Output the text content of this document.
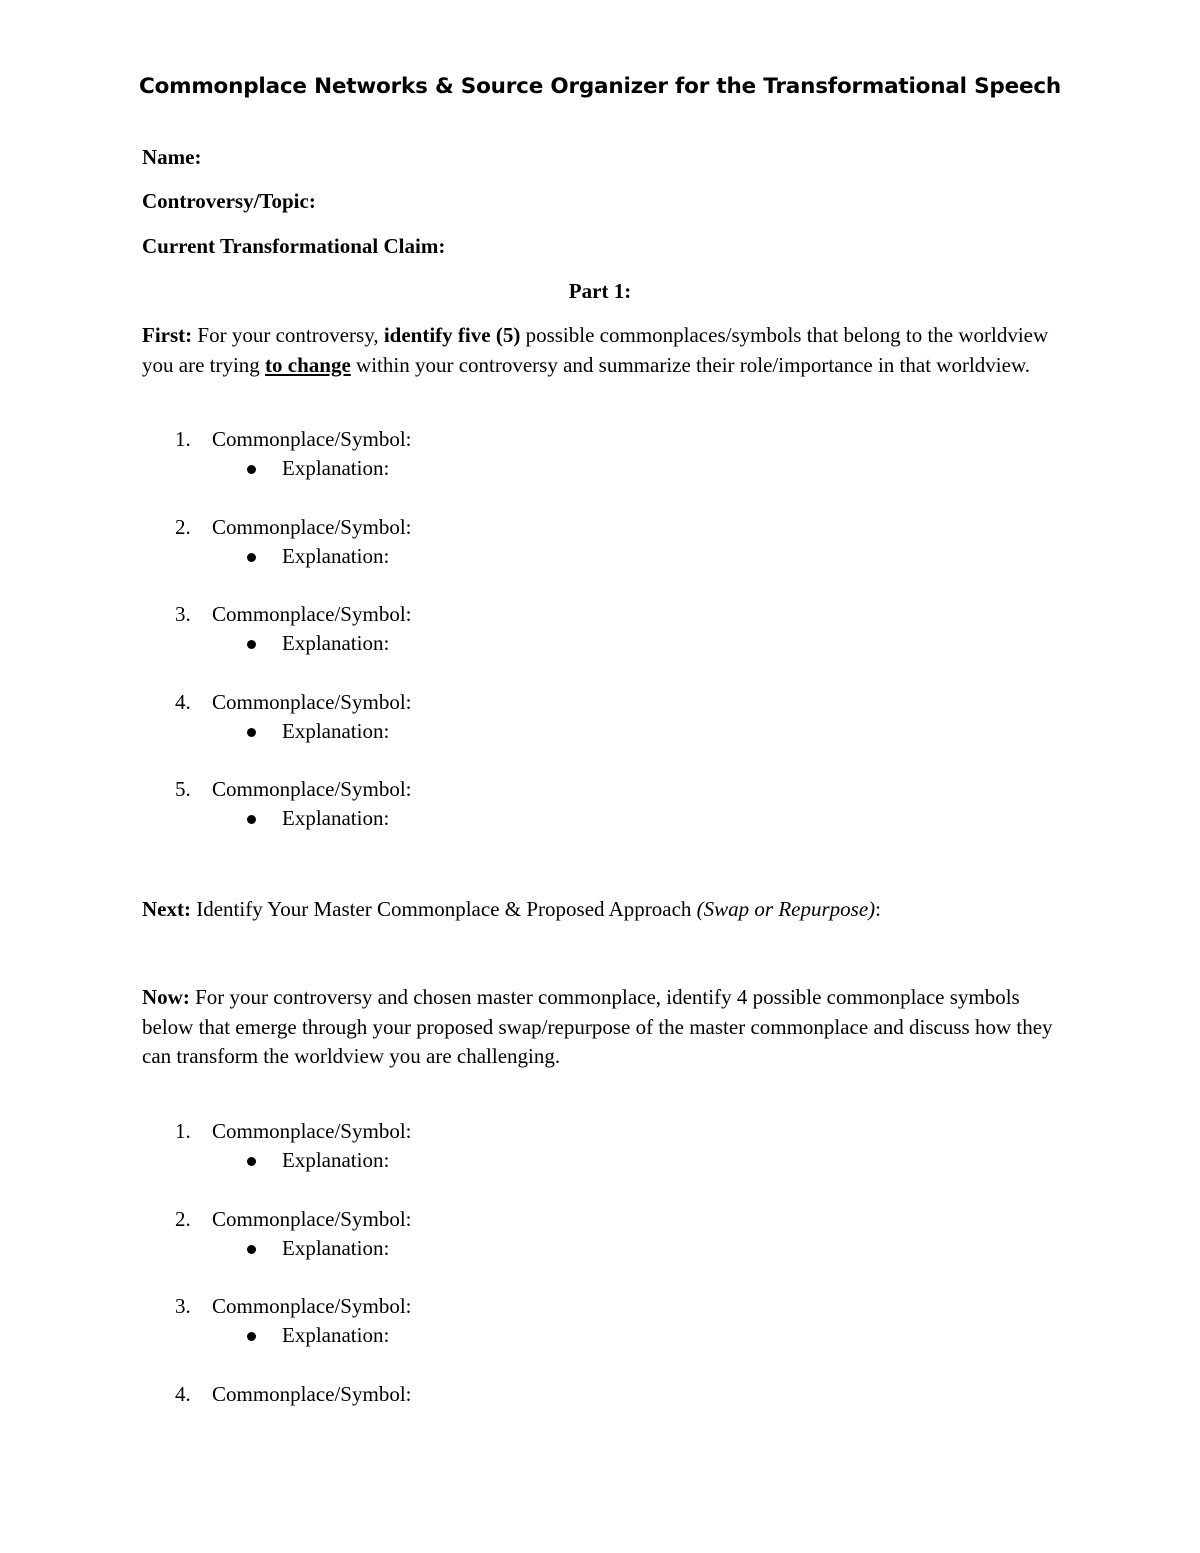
Commonplace Networks & Source Organizer for the Transformational Speech

Name:

Controversy/Topic:

Current Transformational Claim:

Part 1:

First: For your controversy, identify five (5) possible commonplaces/symbols that belong to the worldview you are trying to change within your controversy and summarize their role/importance in that worldview.

1. Commonplace/Symbol:
Explanation:
2. Commonplace/Symbol:
Explanation:
3. Commonplace/Symbol:
Explanation:
4. Commonplace/Symbol:
Explanation:
5. Commonplace/Symbol:
Explanation:

Next: Identify Your Master Commonplace & Proposed Approach (Swap or Repurpose):

Now: For your controversy and chosen master commonplace, identify 4 possible commonplace symbols below that emerge through your proposed swap/repurpose of the master commonplace and discuss how they can transform the worldview you are challenging.

1. Commonplace/Symbol:
Explanation:
2. Commonplace/Symbol:
Explanation:
3. Commonplace/Symbol:
Explanation:
4. Commonplace/Symbol:
